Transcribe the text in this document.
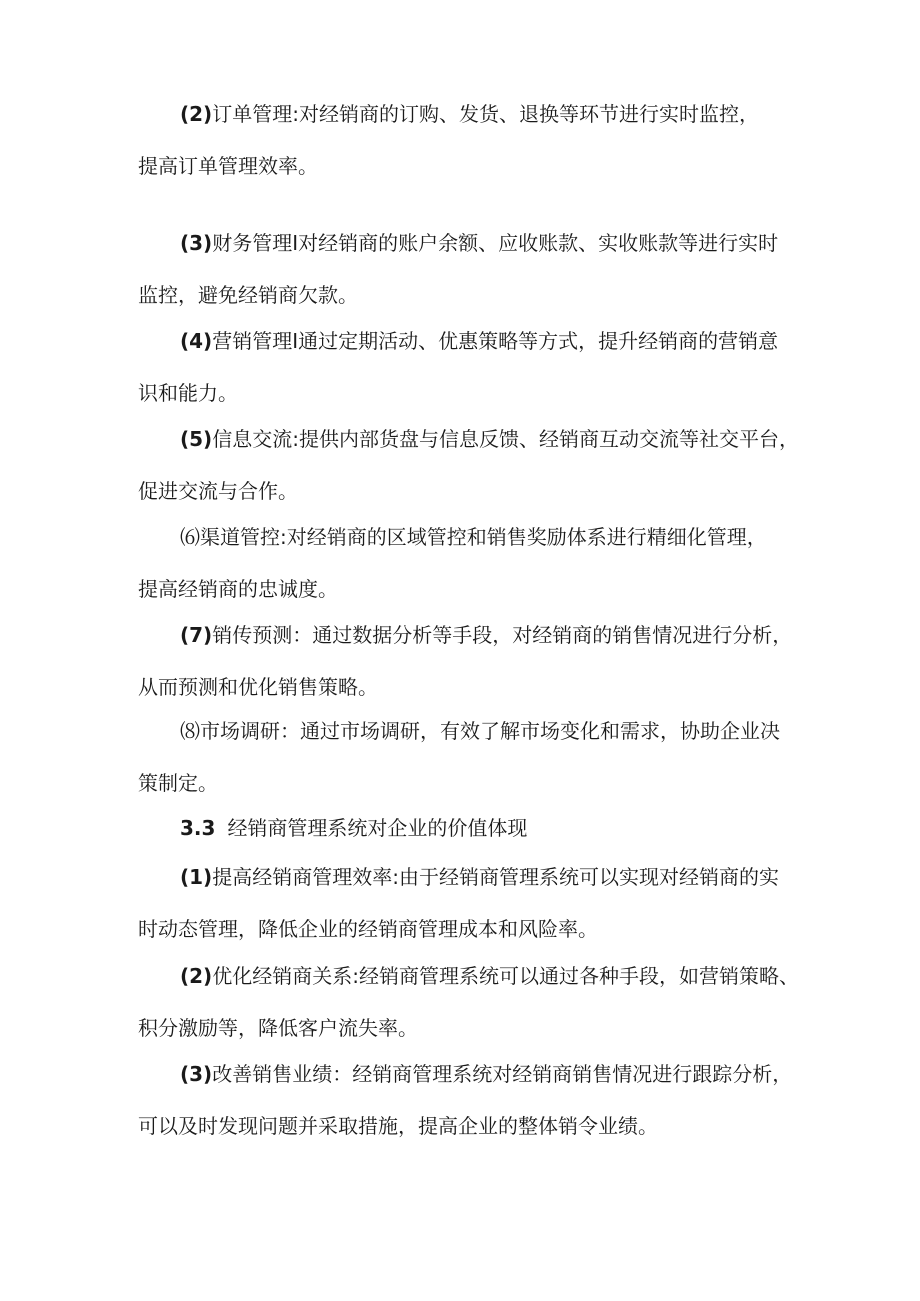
(2)订单管理:对经销商的订购、发货、退换等环节进行实时监控，
提高订单管理效率。
(3)财务管理I对经销商的账户余额、应收账款、实收账款等进行实时
监控，避免经销商欠款。
(4)营销管理I通过定期活动、优惠策略等方式，提升经销商的营销意
识和能力。
(5)信息交流:提供内部货盘与信息反馈、经销商互动交流等社交平台，
促进交流与合作。
⑹渠道管控:对经销商的区域管控和销售奖励体系进行精细化管理，
提高经销商的忠诚度。
(7)销传预测：通过数据分析等手段，对经销商的销售情况进行分析，
从而预测和优化销售策略。
⑻市场调研：通过市场调研，有效了解市场变化和需求，协助企业决
策制定。
3.3 经销商管理系统对企业的价值体现
(1)提高经销商管理效率:由于经销商管理系统可以实现对经销商的实
时动态管理，降低企业的经销商管理成本和风险率。
(2)优化经销商关系:经销商管理系统可以通过各种手段，如营销策略、
积分激励等，降低客户流失率。
(3)改善销售业绩：经销商管理系统对经销商销售情况进行跟踪分析，
可以及时发现问题并采取措施，提高企业的整体销令业绩。
